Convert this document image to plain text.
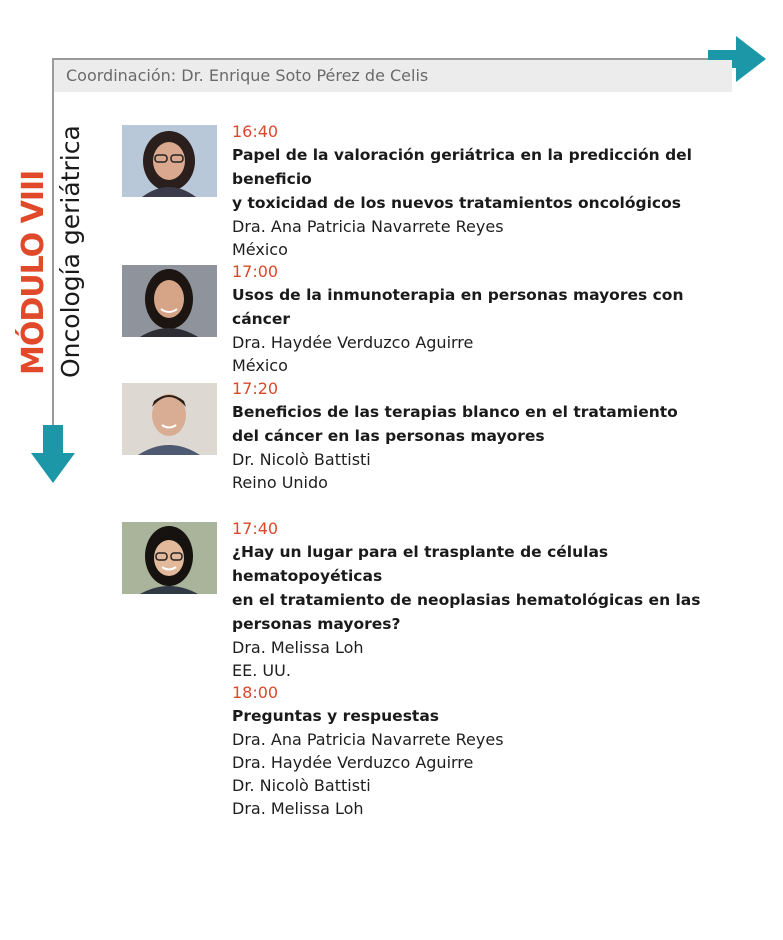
Coordinación: Dr. Enrique Soto Pérez de Celis
MÓDULO VIII Oncología geriátrica	16:40
Papel de la valoración geriátrica en la predicción del beneficio
y toxicidad de los nuevos tratamientos oncológicos
Dra. Ana Patricia Navarrete Reyes
México
17:00
Usos de la inmunoterapia en personas mayores con cáncer
Dra. Haydée Verduzco Aguirre
México
17:20
Beneficios de las terapias blanco en el tratamiento
del cáncer en las personas mayores
Dr. Nicolò Battisti
Reino Unido
17:40
¿Hay un lugar para el trasplante de células hematopoyéticas
en el tratamiento de neoplasias hematológicas en las
personas mayores?
Dra. Melissa Loh
EE. UU.
18:00
Preguntas y respuestas
Dra. Ana Patricia Navarrete Reyes
Dra. Haydée Verduzco Aguirre
Dr. Nicolò Battisti
Dra. Melissa Loh
